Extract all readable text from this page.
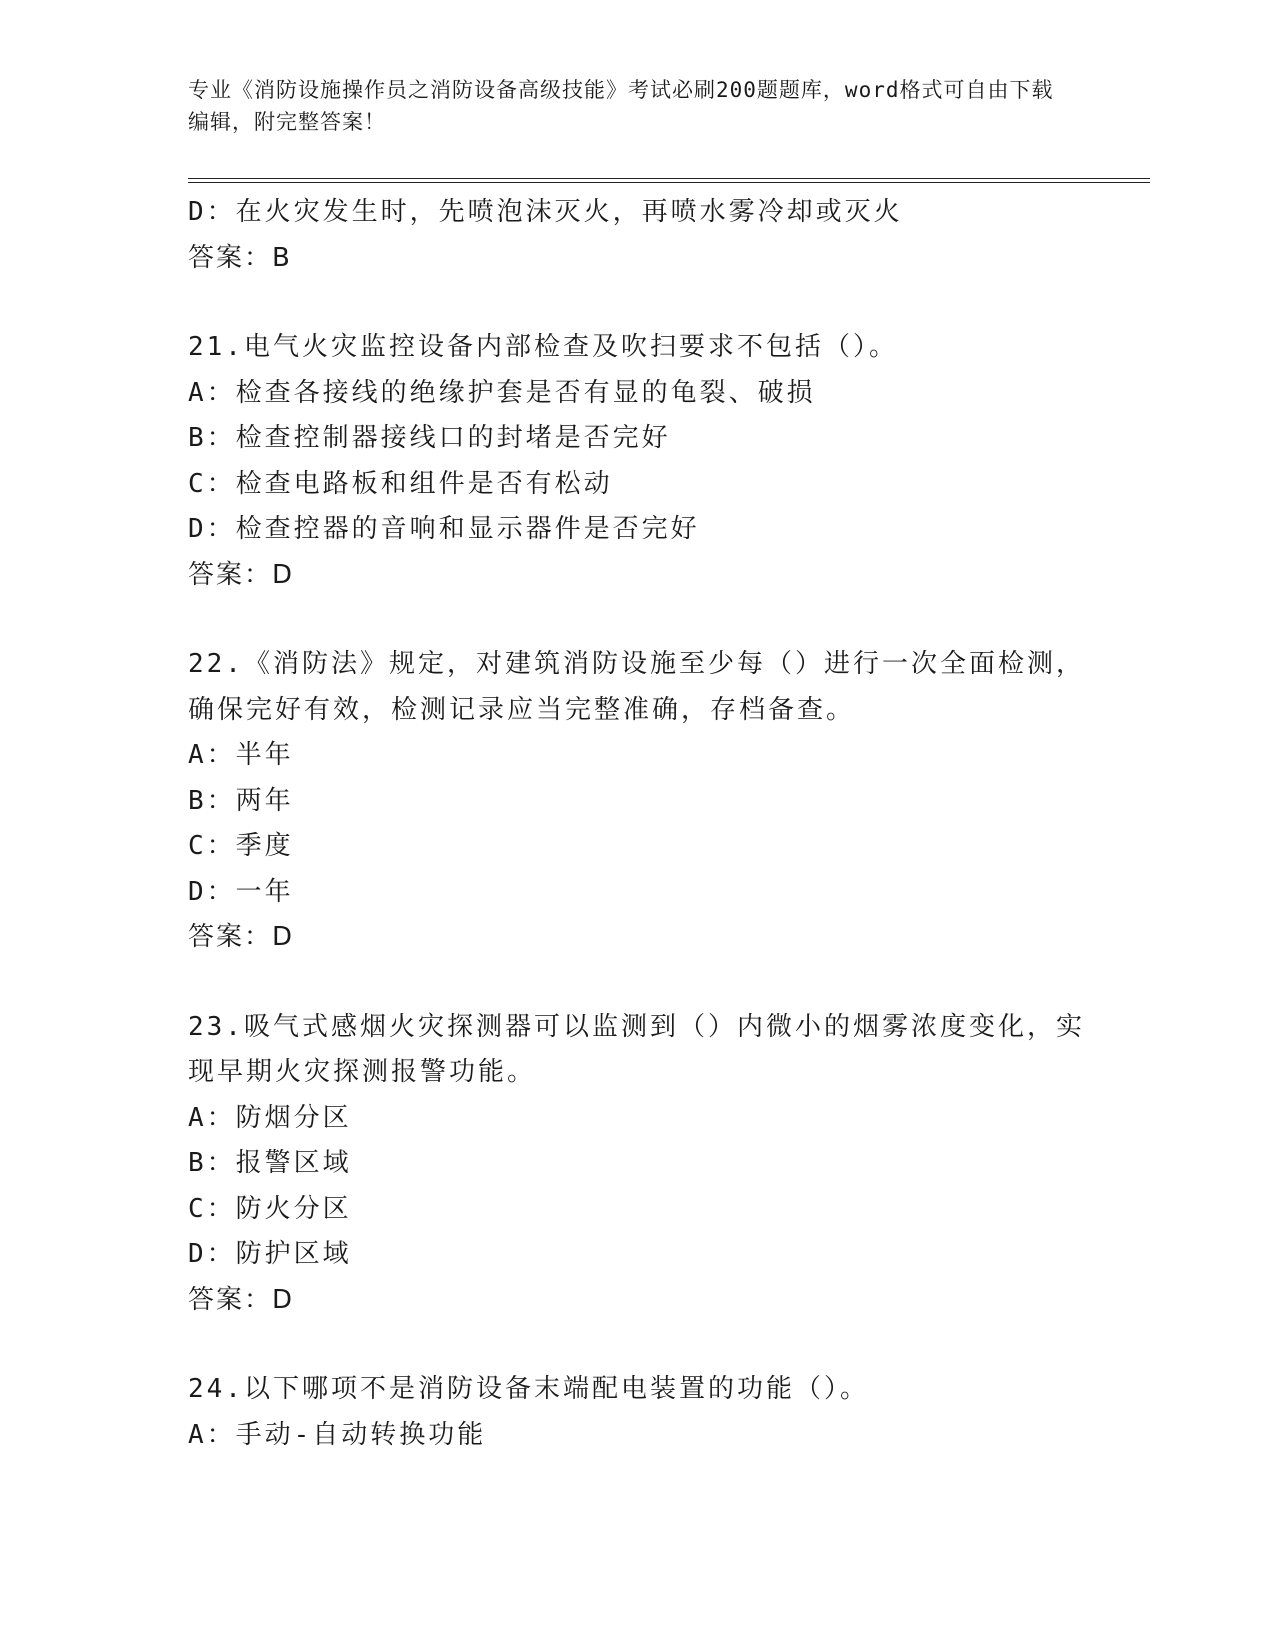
专业《消防设施操作员之消防设备高级技能》考试必刷200题题库，word格式可自由下载编辑，附完整答案！
D：在火灾发生时，先喷泡沫灭火，再喷水雾冷却或灭火
答案：B
21.电气火灾监控设备内部检查及吹扫要求不包括（）。
A：检查各接线的绝缘护套是否有显的龟裂、破损
B：检查控制器接线口的封堵是否完好
C：检查电路板和组件是否有松动
D：检查控器的音响和显示器件是否完好
答案：D
22.《消防法》规定，对建筑消防设施至少每（）进行一次全面检测，确保完好有效，检测记录应当完整准确，存档备查。
A：半年
B：两年
C：季度
D：一年
答案：D
23.吸气式感烟火灾探测器可以监测到（）内微小的烟雾浓度变化，实现早期火灾探测报警功能。
A：防烟分区
B：报警区域
C：防火分区
D：防护区域
答案：D
24.以下哪项不是消防设备末端配电装置的功能（）。
A：手动-自动转换功能
